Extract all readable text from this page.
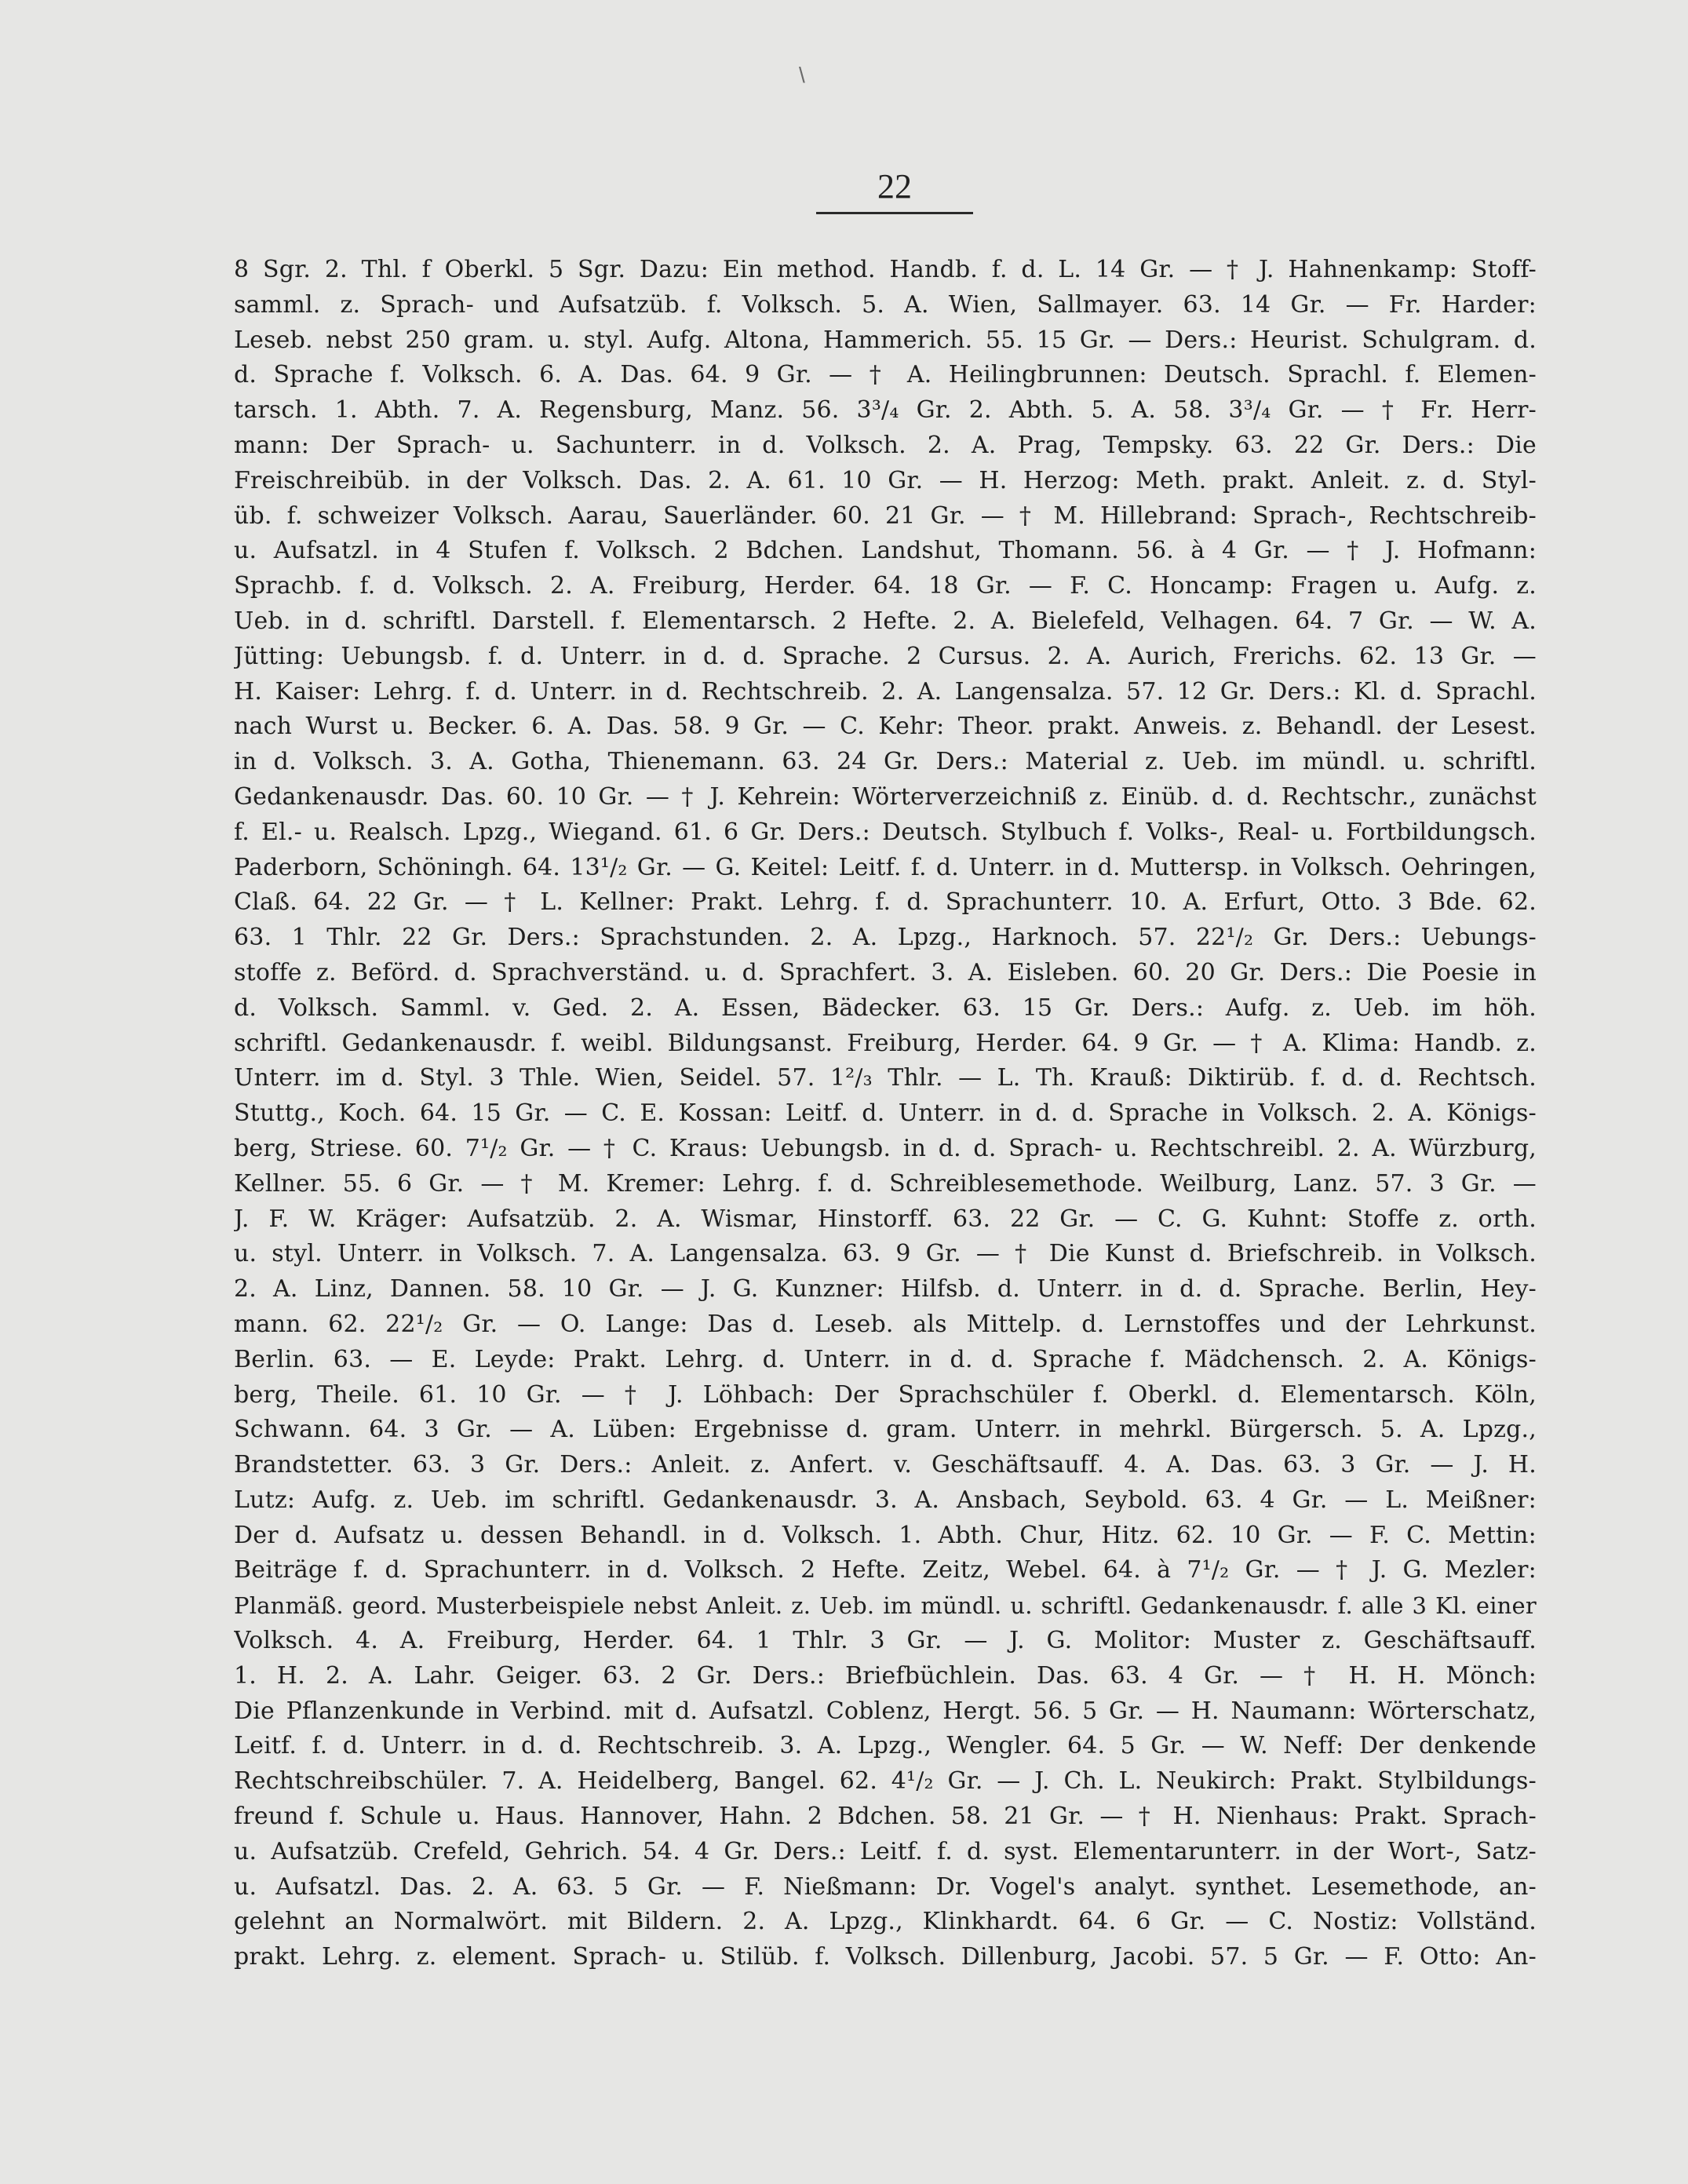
\
22
8 Sgr. 2. Thl. f Oberkl. 5 Sgr. Dazu: Ein method. Handb. f. d. L. 14 Gr. — † J. Hahnenkamp: Stoff-
samml. z. Sprach- und Aufsatzüb. f. Volksch. 5. A. Wien, Sallmayer. 63. 14 Gr. — Fr. Harder:
Leseb. nebst 250 gram. u. styl. Aufg. Altona, Hammerich. 55. 15 Gr. — Ders.: Heurist. Schulgram. d.
d. Sprache f. Volksch. 6. A. Das. 64. 9 Gr. — † A. Heilingbrunnen: Deutsch. Sprachl. f. Elemen-
tarsch. 1. Abth. 7. A. Regensburg, Manz. 56. 3³/₄ Gr. 2. Abth. 5. A. 58. 3³/₄ Gr. — † Fr. Herr-
mann: Der Sprach- u. Sachunterr. in d. Volksch. 2. A. Prag, Tempsky. 63. 22 Gr. Ders.: Die
Freischreibüb. in der Volksch. Das. 2. A. 61. 10 Gr. — H. Herzog: Meth. prakt. Anleit. z. d. Styl-
üb. f. schweizer Volksch. Aarau, Sauerländer. 60. 21 Gr. — † M. Hillebrand: Sprach-, Rechtschreib-
u. Aufsatzl. in 4 Stufen f. Volksch. 2 Bdchen. Landshut, Thomann. 56. à 4 Gr. — † J. Hofmann:
Sprachb. f. d. Volksch. 2. A. Freiburg, Herder. 64. 18 Gr. — F. C. Honcamp: Fragen u. Aufg. z.
Ueb. in d. schriftl. Darstell. f. Elementarsch. 2 Hefte. 2. A. Bielefeld, Velhagen. 64. 7 Gr. — W. A.
Jütting: Uebungsb. f. d. Unterr. in d. d. Sprache. 2 Cursus. 2. A. Aurich, Frerichs. 62. 13 Gr. —
H. Kaiser: Lehrg. f. d. Unterr. in d. Rechtschreib. 2. A. Langensalza. 57. 12 Gr. Ders.: Kl. d. Sprachl.
nach Wurst u. Becker. 6. A. Das. 58. 9 Gr. — C. Kehr: Theor. prakt. Anweis. z. Behandl. der Lesest.
in d. Volksch. 3. A. Gotha, Thienemann. 63. 24 Gr. Ders.: Material z. Ueb. im mündl. u. schriftl.
Gedankenausdr. Das. 60. 10 Gr. — † J. Kehrein: Wörterverzeichniß z. Einüb. d. d. Rechtschr., zunächst
f. El.- u. Realsch. Lpzg., Wiegand. 61. 6 Gr. Ders.: Deutsch. Stylbuch f. Volks-, Real- u. Fortbildungsch.
Paderborn, Schöningh. 64. 13¹/₂ Gr. — G. Keitel: Leitf. f. d. Unterr. in d. Muttersp. in Volksch. Oehringen,
Claß. 64. 22 Gr. — † L. Kellner: Prakt. Lehrg. f. d. Sprachunterr. 10. A. Erfurt, Otto. 3 Bde. 62.
63. 1 Thlr. 22 Gr. Ders.: Sprachstunden. 2. A. Lpzg., Harknoch. 57. 22¹/₂ Gr. Ders.: Uebungs-
stoffe z. Beförd. d. Sprachverständ. u. d. Sprachfert. 3. A. Eisleben. 60. 20 Gr. Ders.: Die Poesie in
d. Volksch. Samml. v. Ged. 2. A. Essen, Bädecker. 63. 15 Gr. Ders.: Aufg. z. Ueb. im höh.
schriftl. Gedankenausdr. f. weibl. Bildungsanst. Freiburg, Herder. 64. 9 Gr. — † A. Klima: Handb. z.
Unterr. im d. Styl. 3 Thle. Wien, Seidel. 57. 1²/₃ Thlr. — L. Th. Krauß: Diktirüb. f. d. d. Rechtsch.
Stuttg., Koch. 64. 15 Gr. — C. E. Kossan: Leitf. d. Unterr. in d. d. Sprache in Volksch. 2. A. Königs-
berg, Striese. 60. 7¹/₂ Gr. — † C. Kraus: Uebungsb. in d. d. Sprach- u. Rechtschreibl. 2. A. Würzburg,
Kellner. 55. 6 Gr. — † M. Kremer: Lehrg. f. d. Schreiblesemethode. Weilburg, Lanz. 57. 3 Gr. —
J. F. W. Kräger: Aufsatzüb. 2. A. Wismar, Hinstorff. 63. 22 Gr. — C. G. Kuhnt: Stoffe z. orth.
u. styl. Unterr. in Volksch. 7. A. Langensalza. 63. 9 Gr. — † Die Kunst d. Briefschreib. in Volksch.
2. A. Linz, Dannen. 58. 10 Gr. — J. G. Kunzner: Hilfsb. d. Unterr. in d. d. Sprache. Berlin, Hey-
mann. 62. 22¹/₂ Gr. — O. Lange: Das d. Leseb. als Mittelp. d. Lernstoffes und der Lehrkunst.
Berlin. 63. — E. Leyde: Prakt. Lehrg. d. Unterr. in d. d. Sprache f. Mädchensch. 2. A. Königs-
berg, Theile. 61. 10 Gr. — † J. Löhbach: Der Sprachschüler f. Oberkl. d. Elementarsch. Köln,
Schwann. 64. 3 Gr. — A. Lüben: Ergebnisse d. gram. Unterr. in mehrkl. Bürgersch. 5. A. Lpzg.,
Brandstetter. 63. 3 Gr. Ders.: Anleit. z. Anfert. v. Geschäftsauff. 4. A. Das. 63. 3 Gr. — J. H.
Lutz: Aufg. z. Ueb. im schriftl. Gedankenausdr. 3. A. Ansbach, Seybold. 63. 4 Gr. — L. Meißner:
Der d. Aufsatz u. dessen Behandl. in d. Volksch. 1. Abth. Chur, Hitz. 62. 10 Gr. — F. C. Mettin:
Beiträge f. d. Sprachunterr. in d. Volksch. 2 Hefte. Zeitz, Webel. 64. à 7¹/₂ Gr. — † J. G. Mezler:
Planmäß. geord. Musterbeispiele nebst Anleit. z. Ueb. im mündl. u. schriftl. Gedankenausdr. f. alle 3 Kl. einer
Volksch. 4. A. Freiburg, Herder. 64. 1 Thlr. 3 Gr. — J. G. Molitor: Muster z. Geschäftsauff.
1. H. 2. A. Lahr. Geiger. 63. 2 Gr. Ders.: Briefbüchlein. Das. 63. 4 Gr. — † H. H. Mönch:
Die Pflanzenkunde in Verbind. mit d. Aufsatzl. Coblenz, Hergt. 56. 5 Gr. — H. Naumann: Wörterschatz,
Leitf. f. d. Unterr. in d. d. Rechtschreib. 3. A. Lpzg., Wengler. 64. 5 Gr. — W. Neff: Der denkende
Rechtschreibschüler. 7. A. Heidelberg, Bangel. 62. 4¹/₂ Gr. — J. Ch. L. Neukirch: Prakt. Stylbildungs-
freund f. Schule u. Haus. Hannover, Hahn. 2 Bdchen. 58. 21 Gr. — † H. Nienhaus: Prakt. Sprach-
u. Aufsatzüb. Crefeld, Gehrich. 54. 4 Gr. Ders.: Leitf. f. d. syst. Elementarunterr. in der Wort-, Satz-
u. Aufsatzl. Das. 2. A. 63. 5 Gr. — F. Nießmann: Dr. Vogel's analyt. synthet. Lesemethode, an-
gelehnt an Normalwört. mit Bildern. 2. A. Lpzg., Klinkhardt. 64. 6 Gr. — C. Nostiz: Vollständ.
prakt. Lehrg. z. element. Sprach- u. Stilüb. f. Volksch. Dillenburg, Jacobi. 57. 5 Gr. — F. Otto: An-
